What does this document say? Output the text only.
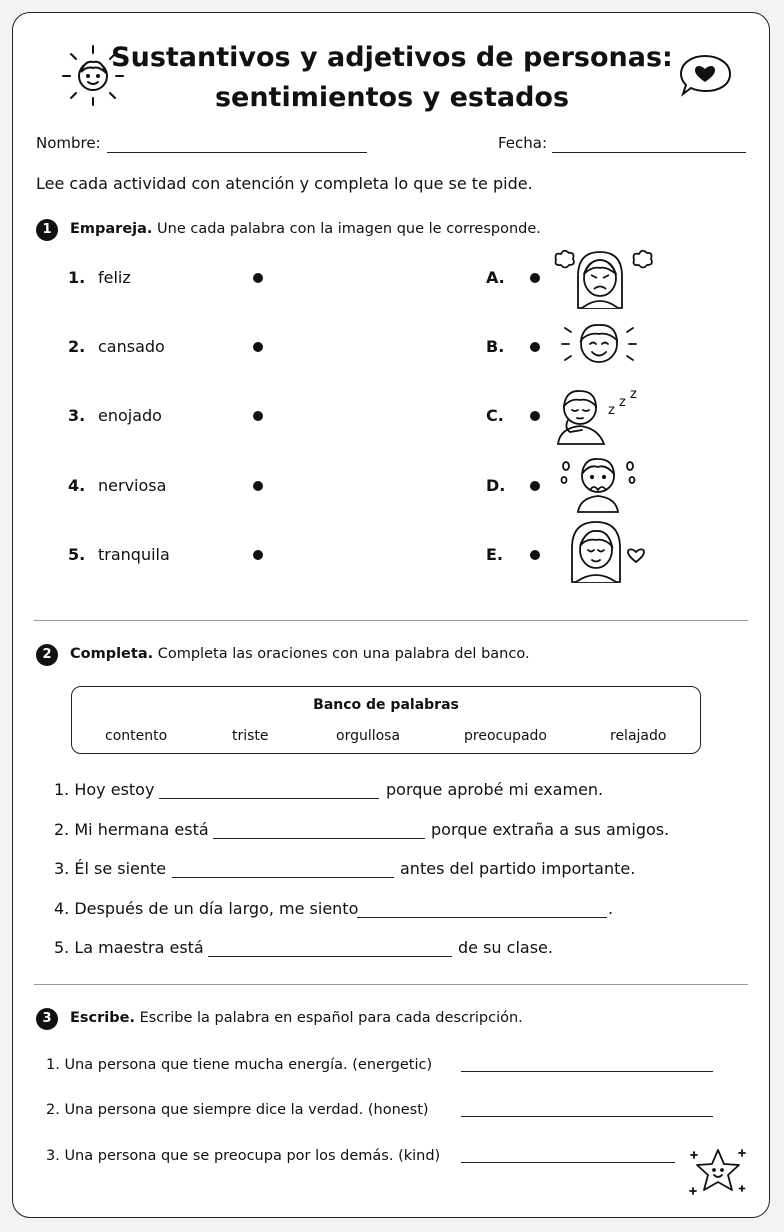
Sustantivos y adjetivos de personas:
sentimientos y estados
Nombre:	Fecha:
Lee cada actividad con atención y completa lo que se te pide.
1	Empareja. Une cada palabra con la imagen que le corresponde.
1. feliz	A.
2. cansado	B.
3. enojado	C.
4. nerviosa	D.
5. tranquila	E.
z
z
z
2	Completa. Completa las oraciones con una palabra del banco.
Banco de palabras
contento	triste	orgullosa	preocupado	relajado
1. Hoy estoy	porque aprobé mi examen.
2. Mi hermana está	porque extraña a sus amigos.
3. Él se siente	antes del partido importante.
4. Después de un día largo, me siento	.
5. La maestra está	de su clase.
3	Escribe. Escribe la palabra en español para cada descripción.
1. Una persona que tiene mucha energía. (energetic)
2. Una persona que siempre dice la verdad. (honest)
3. Una persona que se preocupa por los demás. (kind)
